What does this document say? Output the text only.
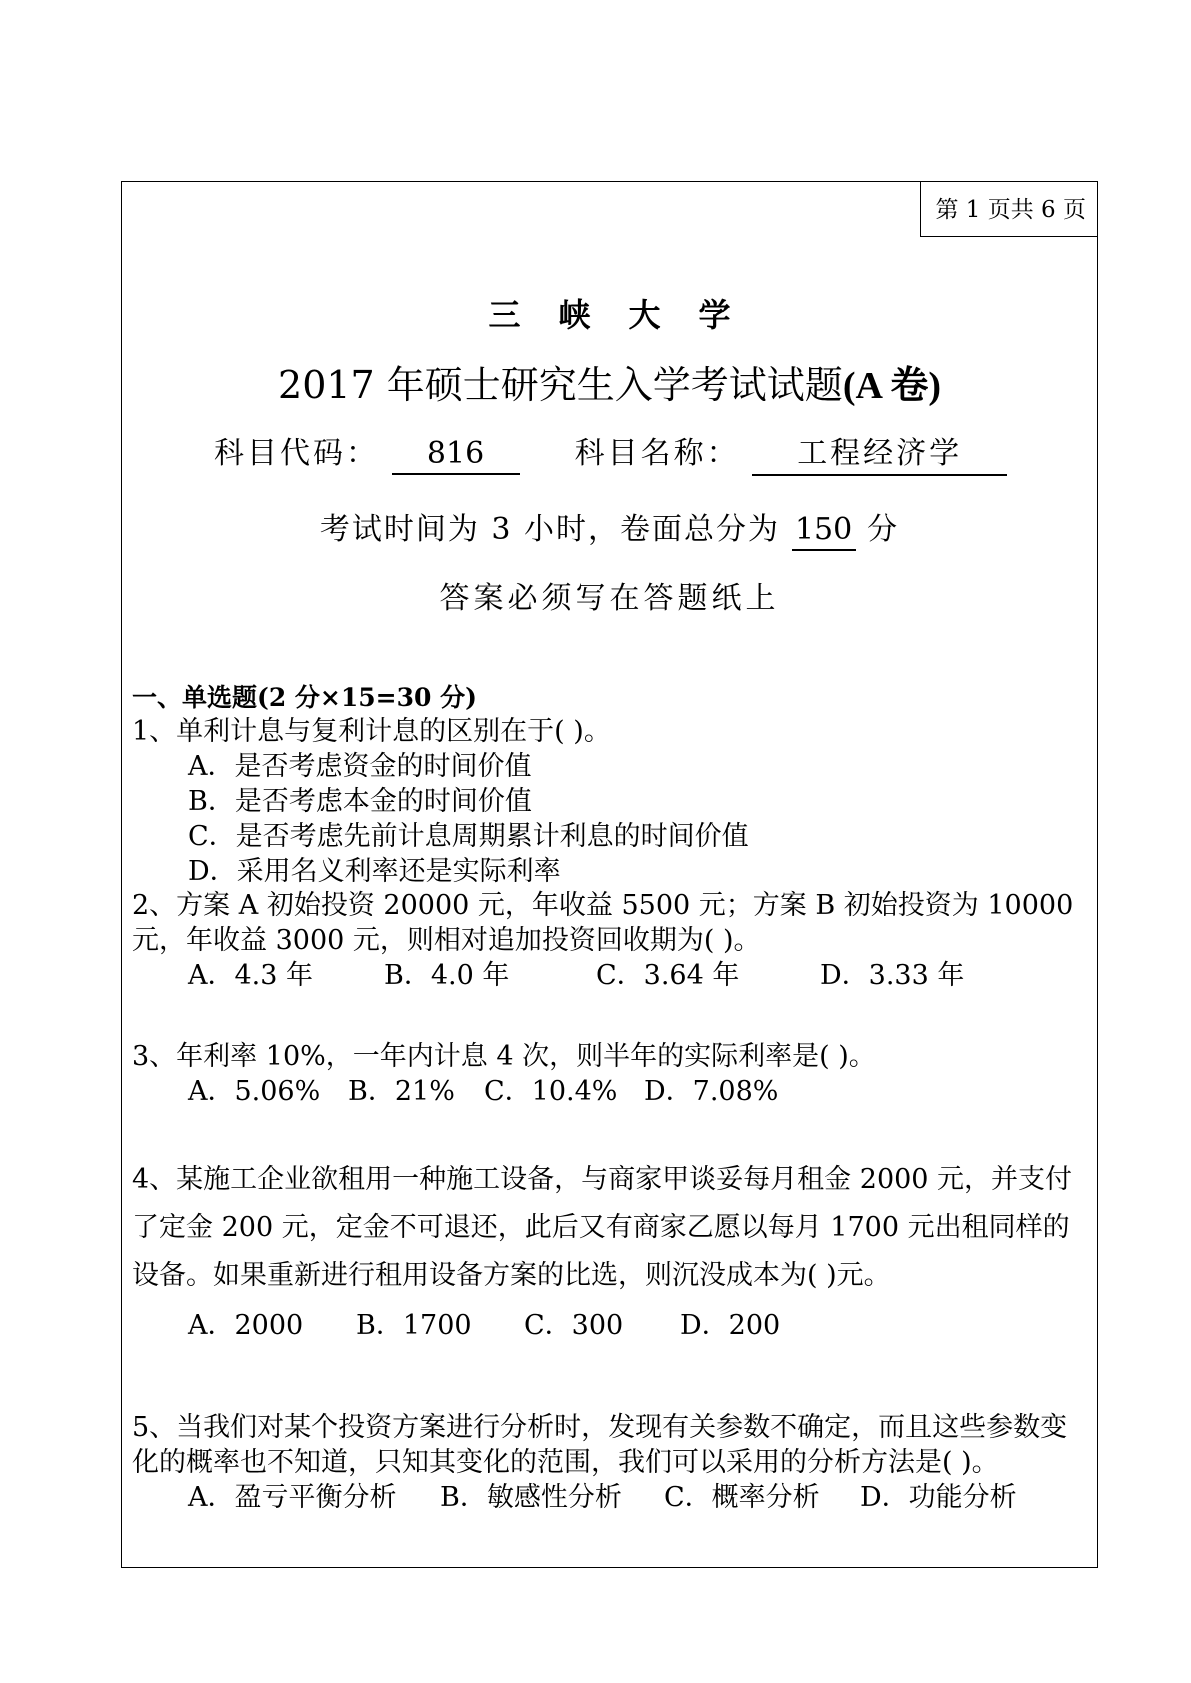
第 1 页共 6 页
三峡大学
2017 年硕士研究生入学考试试题(A 卷)
科目代码： 816	科目名称： 工程经济学
考试时间为 3 小时，卷面总分为 150 分
答案必须写在答题纸上
一、单选题(2 分×15=30 分)
1、单利计息与复利计息的区别在于( )。
A．是否考虑资金的时间价值
B．是否考虑本金的时间价值
C．是否考虑先前计息周期累计利息的时间价值
D．采用名义利率还是实际利率
2、方案 A 初始投资 20000 元，年收益 5500 元；方案 B 初始投资为 10000 元，年收益 3000 元，则相对追加投资回收期为( )。
A．4.3 年	B．4.0 年	C．3.64 年	D．3.33 年
3、年利率 10%，一年内计息 4 次，则半年的实际利率是( )。
A．5.06% B．21% C．10.4% D．7.08%
4、某施工企业欲租用一种施工设备，与商家甲谈妥每月租金 2000 元，并支付了定金 200 元，定金不可退还，此后又有商家乙愿以每月 1700 元出租同样的设备。如果重新进行租用设备方案的比选，则沉没成本为( )元。
A．2000 B．1700 C．300 D．200
5、当我们对某个投资方案进行分析时，发现有关参数不确定，而且这些参数变化的概率也不知道，只知其变化的范围，我们可以采用的分析方法是( )。
A．盈亏平衡分析 B．敏感性分析 C．概率分析 D．功能分析
